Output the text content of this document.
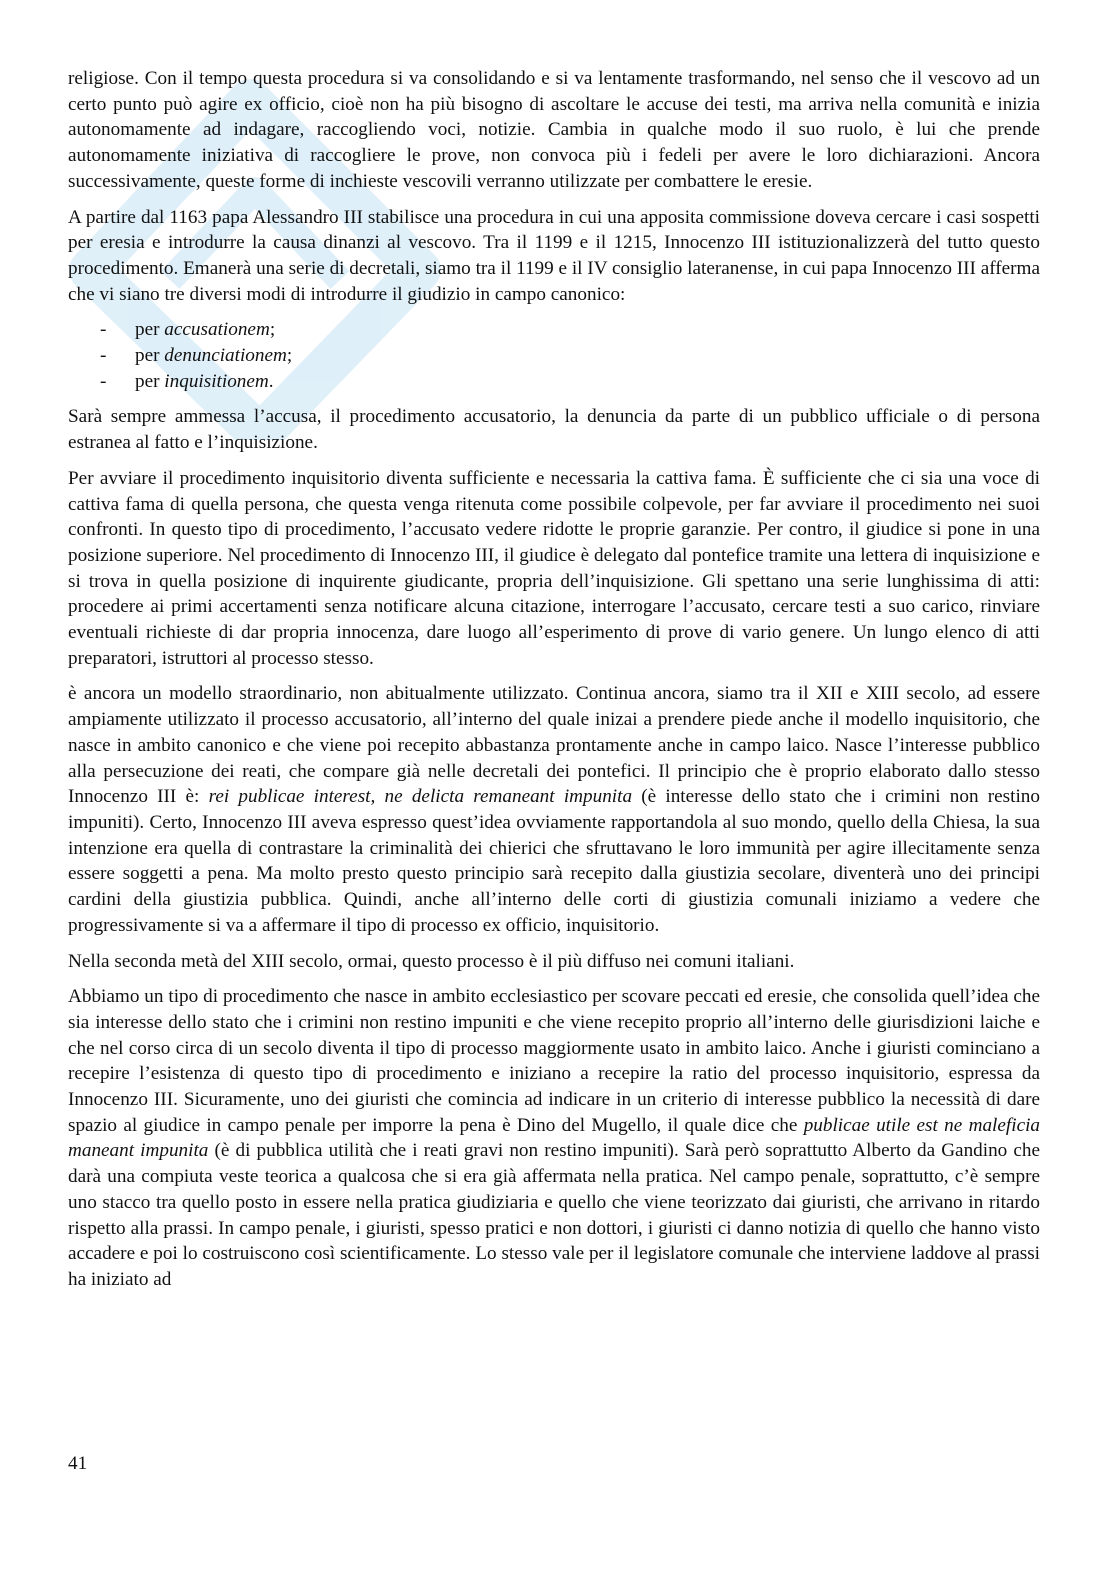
religiose. Con il tempo questa procedura si va consolidando e si va lentamente trasformando, nel senso che il vescovo ad un certo punto può agire ex officio, cioè non ha più bisogno di ascoltare le accuse dei testi, ma arriva nella comunità e inizia autonomamente ad indagare, raccogliendo voci, notizie. Cambia in qualche modo il suo ruolo, è lui che prende autonomamente iniziativa di raccogliere le prove, non convoca più i fedeli per avere le loro dichiarazioni. Ancora successivamente, queste forme di inchieste vescovili verranno utilizzate per combattere le eresie.

A partire dal 1163 papa Alessandro III stabilisce una procedura in cui una apposita commissione doveva cercare i casi sospetti per eresia e introdurre la causa dinanzi al vescovo. Tra il 1199 e il 1215, Innocenzo III istituzionalizzerà del tutto questo procedimento. Emanerà una serie di decretali, siamo tra il 1199 e il IV consiglio lateranense, in cui papa Innocenzo III afferma che vi siano tre diversi modi di introdurre il giudizio in campo canonico:

- per accusationem;
- per denunciationem;
- per inquisitionem.

Sarà sempre ammessa l’accusa, il procedimento accusatorio, la denuncia da parte di un pubblico ufficiale o di persona estranea al fatto e l’inquisizione.

Per avviare il procedimento inquisitorio diventa sufficiente e necessaria la cattiva fama. È sufficiente che ci sia una voce di cattiva fama di quella persona, che questa venga ritenuta come possibile colpevole, per far avviare il procedimento nei suoi confronti. In questo tipo di procedimento, l’accusato vedere ridotte le proprie garanzie. Per contro, il giudice si pone in una posizione superiore. Nel procedimento di Innocenzo III, il giudice è delegato dal pontefice tramite una lettera di inquisizione e si trova in quella posizione di inquirente giudicante, propria dell’inquisizione. Gli spettano una serie lunghissima di atti: procedere ai primi accertamenti senza notificare alcuna citazione, interrogare l’accusato, cercare testi a suo carico, rinviare eventuali richieste di dar propria innocenza, dare luogo all’esperimento di prove di vario genere. Un lungo elenco di atti preparatori, istruttori al processo stesso.

è ancora un modello straordinario, non abitualmente utilizzato. Continua ancora, siamo tra il XII e XIII secolo, ad essere ampiamente utilizzato il processo accusatorio, all’interno del quale inizai a prendere piede anche il modello inquisitorio, che nasce in ambito canonico e che viene poi recepito abbastanza prontamente anche in campo laico. Nasce l’interesse pubblico alla persecuzione dei reati, che compare già nelle decretali dei pontefici. Il principio che è proprio elaborato dallo stesso Innocenzo III è: rei publicae interest, ne delicta remaneant impunita (è interesse dello stato che i crimini non restino impuniti). Certo, Innocenzo III aveva espresso quest’idea ovviamente rapportandola al suo mondo, quello della Chiesa, la sua intenzione era quella di contrastare la criminalità dei chierici che sfruttavano le loro immunità per agire illecitamente senza essere soggetti a pena. Ma molto presto questo principio sarà recepito dalla giustizia secolare, diventerà uno dei principi cardini della giustizia pubblica. Quindi, anche all’interno delle corti di giustizia comunali iniziamo a vedere che progressivamente si va a affermare il tipo di processo ex officio, inquisitorio.

Nella seconda metà del XIII secolo, ormai, questo processo è il più diffuso nei comuni italiani.

Abbiamo un tipo di procedimento che nasce in ambito ecclesiastico per scovare peccati ed eresie, che consolida quell’idea che sia interesse dello stato che i crimini non restino impuniti e che viene recepito proprio all’interno delle giurisdizioni laiche e che nel corso circa di un secolo diventa il tipo di processo maggiormente usato in ambito laico. Anche i giuristi cominciano a recepire l’esistenza di questo tipo di procedimento e iniziano a recepire la ratio del processo inquisitorio, espressa da Innocenzo III. Sicuramente, uno dei giuristi che comincia ad indicare in un criterio di interesse pubblico la necessità di dare spazio al giudice in campo penale per imporre la pena è Dino del Mugello, il quale dice che publicae utile est ne maleficia maneant impunita (è di pubblica utilità che i reati gravi non restino impuniti). Sarà però soprattutto Alberto da Gandino che darà una compiuta veste teorica a qualcosa che si era già affermata nella pratica. Nel campo penale, soprattutto, c’è sempre uno stacco tra quello posto in essere nella pratica giudiziaria e quello che viene teorizzato dai giuristi, che arrivano in ritardo rispetto alla prassi. In campo penale, i giuristi, spesso pratici e non dottori, i giuristi ci danno notizia di quello che hanno visto accadere e poi lo costruiscono così scientificamente. Lo stesso vale per il legislatore comunale che interviene laddove al prassi ha iniziato ad

41
